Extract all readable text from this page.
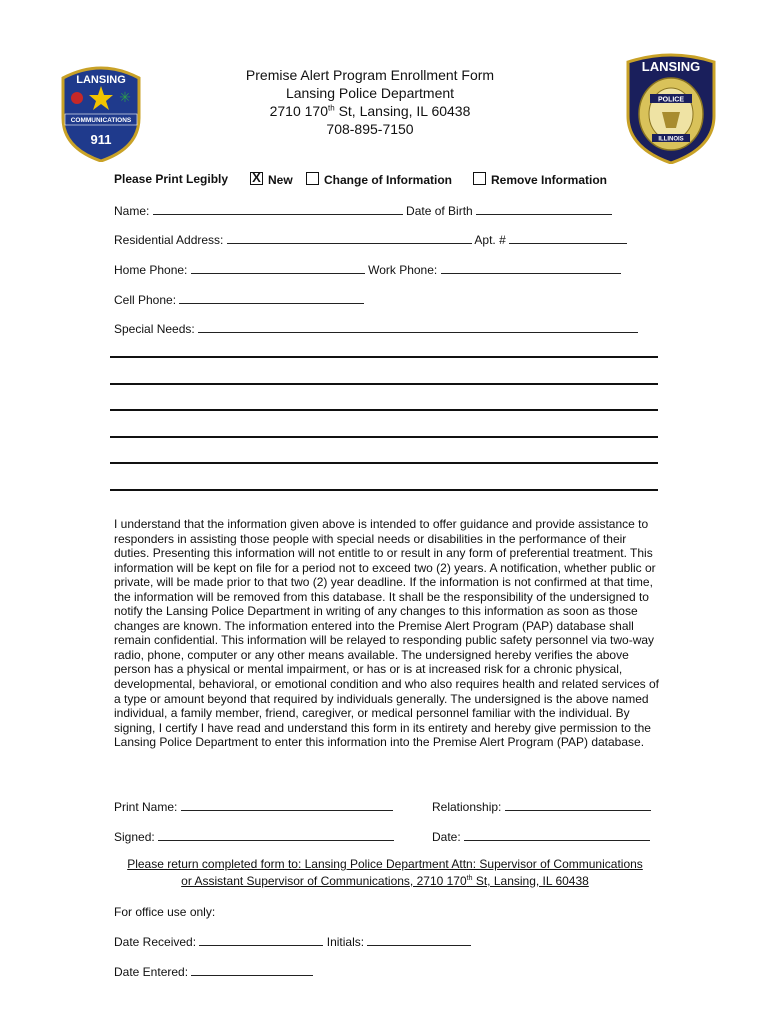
LANSING
✳
COMMUNICATIONS
911
LANSING
POLICE
ILLINOIS
Premise Alert Program Enrollment Form
Lansing Police Department
2710 170th St, Lansing, IL 60438
708-895-7150
Please Print Legibly X New	Change of Information	Remove Information
Name:	Date of Birth
Residential Address:	Apt. #
Home Phone:	Work Phone:
Cell Phone:
Special Needs:
I understand that the information given above is intended to offer guidance and provide assistance to responders in assisting those people with special needs or disabilities in the performance of their duties. Presenting this information will not entitle to or result in any form of preferential treatment. This information will be kept on file for a period not to exceed two (2) years. A notification, whether public or private, will be made prior to that two (2) year deadline. If the information is not confirmed at that time, the information will be removed from this database. It shall be the responsibility of the undersigned to notify the Lansing Police Department in writing of any changes to this information as soon as those changes are known. The information entered into the Premise Alert Program (PAP) database shall remain confidential. This information will be relayed to responding public safety personnel via two-way radio, phone, computer or any other means available. The undersigned hereby verifies the above person has a physical or mental impairment, or has or is at increased risk for a chronic physical, developmental, behavioral, or emotional condition and who also requires health and related services of a type or amount beyond that required by individuals generally. The undersigned is the above named individual, a family member, friend, caregiver, or medical personnel familiar with the individual. By signing, I certify I have read and understand this form in its entirety and hereby give permission to the Lansing Police Department to enter this information into the Premise Alert Program (PAP) database.
Print Name:	Relationship:
Signed:	Date:
Please return completed form to: Lansing Police Department Attn: Supervisor of Communications
or Assistant Supervisor of Communications, 2710 170th St, Lansing, IL 60438
For office use only:
Date Received:	Initials:
Date Entered:
